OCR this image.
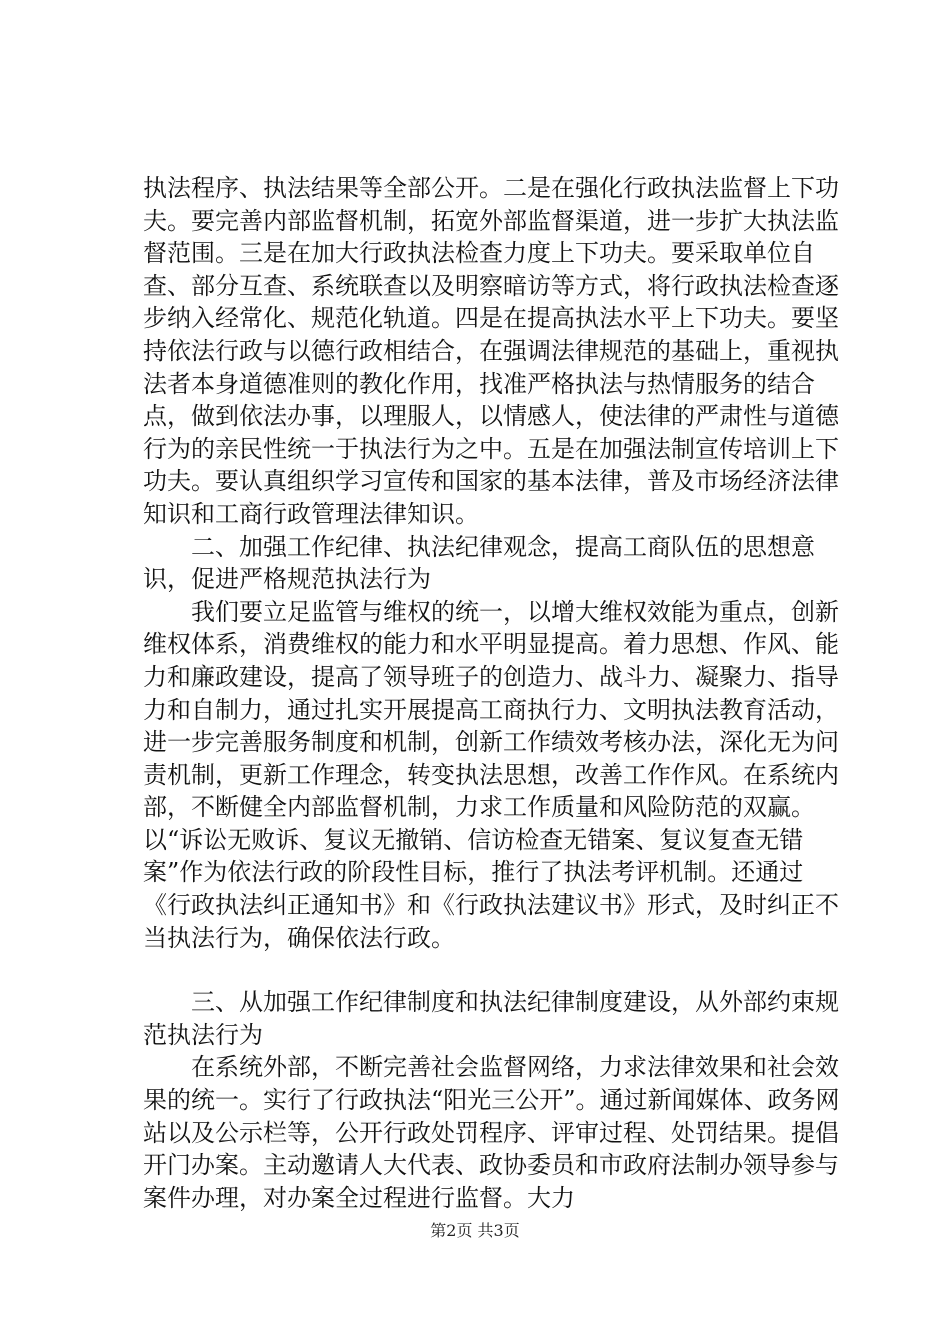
执法程序、执法结果等全部公开。二是在强化行政执法监督上下功夫。要完善内部监督机制，拓宽外部监督渠道，进一步扩大执法监督范围。三是在加大行政执法检查力度上下功夫。要采取单位自查、部分互查、系统联查以及明察暗访等方式，将行政执法检查逐步纳入经常化、规范化轨道。四是在提高执法水平上下功夫。要坚持依法行政与以德行政相结合，在强调法律规范的基础上，重视执法者本身道德准则的教化作用，找准严格执法与热情服务的结合点，做到依法办事，以理服人，以情感人，使法律的严肃性与道德行为的亲民性统一于执法行为之中。五是在加强法制宣传培训上下功夫。要认真组织学习宣传和国家的基本法律，普及市场经济法律知识和工商行政管理法律知识。

二、加强工作纪律、执法纪律观念，提高工商队伍的思想意识，促进严格规范执法行为

我们要立足监管与维权的统一，以增大维权效能为重点，创新维权体系，消费维权的能力和水平明显提高。着力思想、作风、能力和廉政建设，提高了领导班子的创造力、战斗力、凝聚力、指导力和自制力，通过扎实开展提高工商执行力、文明执法教育活动，进一步完善服务制度和机制，创新工作绩效考核办法，深化无为问责机制，更新工作理念，转变执法思想，改善工作作风。在系统内部，不断健全内部监督机制，力求工作质量和风险防范的双赢。以“诉讼无败诉、复议无撤销、信访检查无错案、复议复查无错案”作为依法行政的阶段性目标，推行了执法考评机制。还通过《行政执法纠正通知书》和《行政执法建议书》形式，及时纠正不当执法行为，确保依法行政。

三、从加强工作纪律制度和执法纪律制度建设，从外部约束规范执法行为

在系统外部，不断完善社会监督网络，力求法律效果和社会效果的统一。实行了行政执法“阳光三公开”。通过新闻媒体、政务网站以及公示栏等，公开行政处罚程序、评审过程、处罚结果。提倡开门办案。主动邀请人大代表、政协委员和市政府法制办领导参与案件办理，对办案全过程进行监督。大力

第2页 共3页
